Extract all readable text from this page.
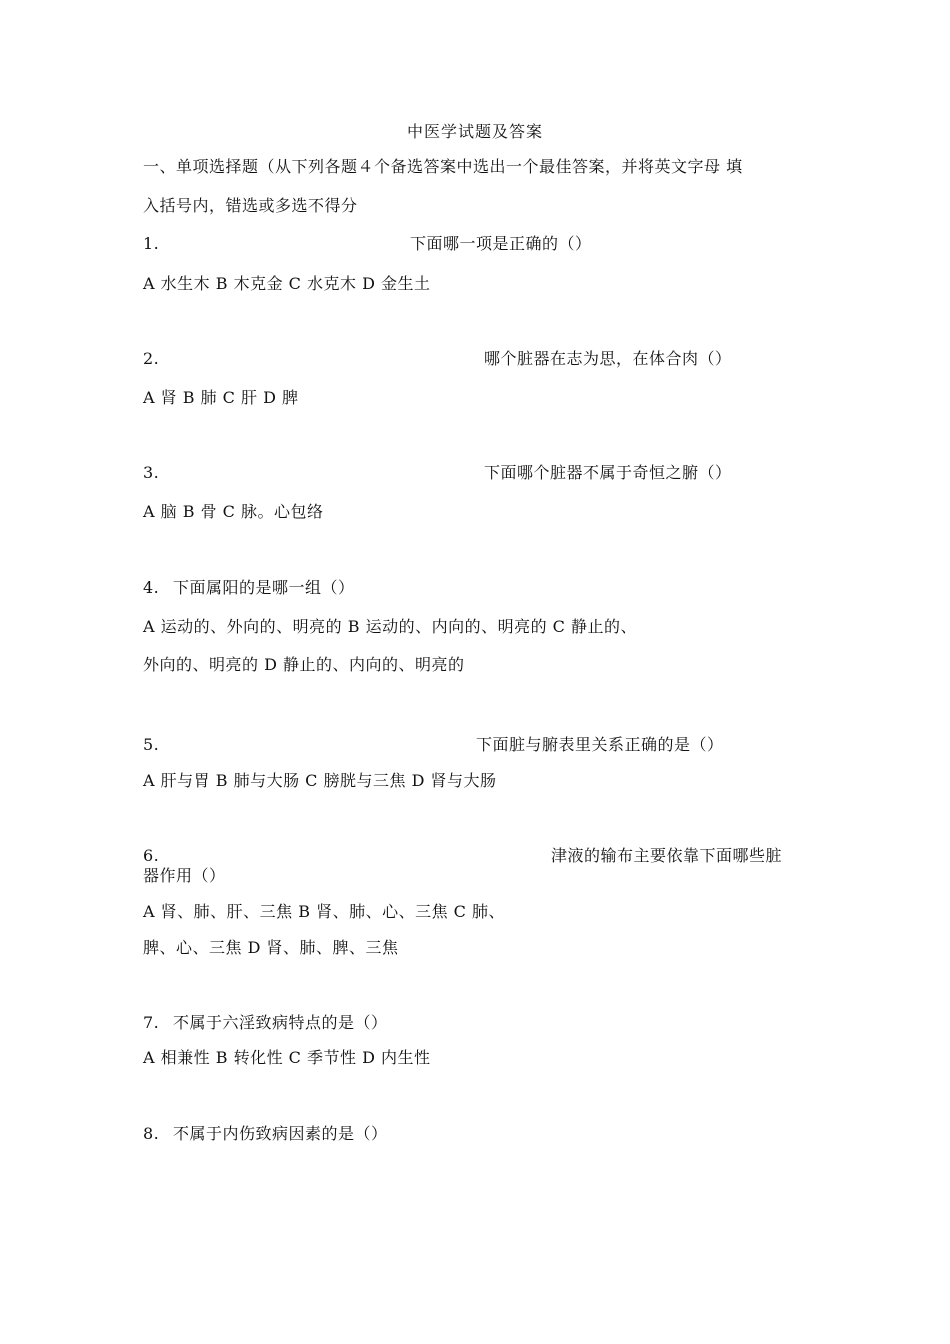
中医学试题及答案
一、单项选择题（从下列各题４个备选答案中选出一个最佳答案，并将英文字母 填
入括号内，错选或多选不得分
1.	下面哪一项是正确的（）
A 水生木 B 木克金 C 水克木 D 金生土
2.	哪个脏器在志为思，在体合肉（）
A 肾 B 肺 C 肝 D 脾
3.	下面哪个脏器不属于奇恒之腑（）
A 脑 B 骨 C 脉。心包络
4. 下面属阳的是哪一组（）
A 运动的、外向的、明亮的 B 运动的、内向的、明亮的 C 静止的、
外向的、明亮的 D 静止的、内向的、明亮的
5.	下面脏与腑表里关系正确的是（）
A 肝与胃 B 肺与大肠 C 膀胱与三焦 D 肾与大肠
6.	津液的输布主要依靠下面哪些脏
器作用（）
A 肾、肺、肝、三焦 B 肾、肺、心、三焦 C 肺、
脾、心、三焦 D 肾、肺、脾、三焦
7. 不属于六淫致病特点的是（）
A 相兼性 B 转化性 C 季节性 D 内生性
8. 不属于内伤致病因素的是（）
